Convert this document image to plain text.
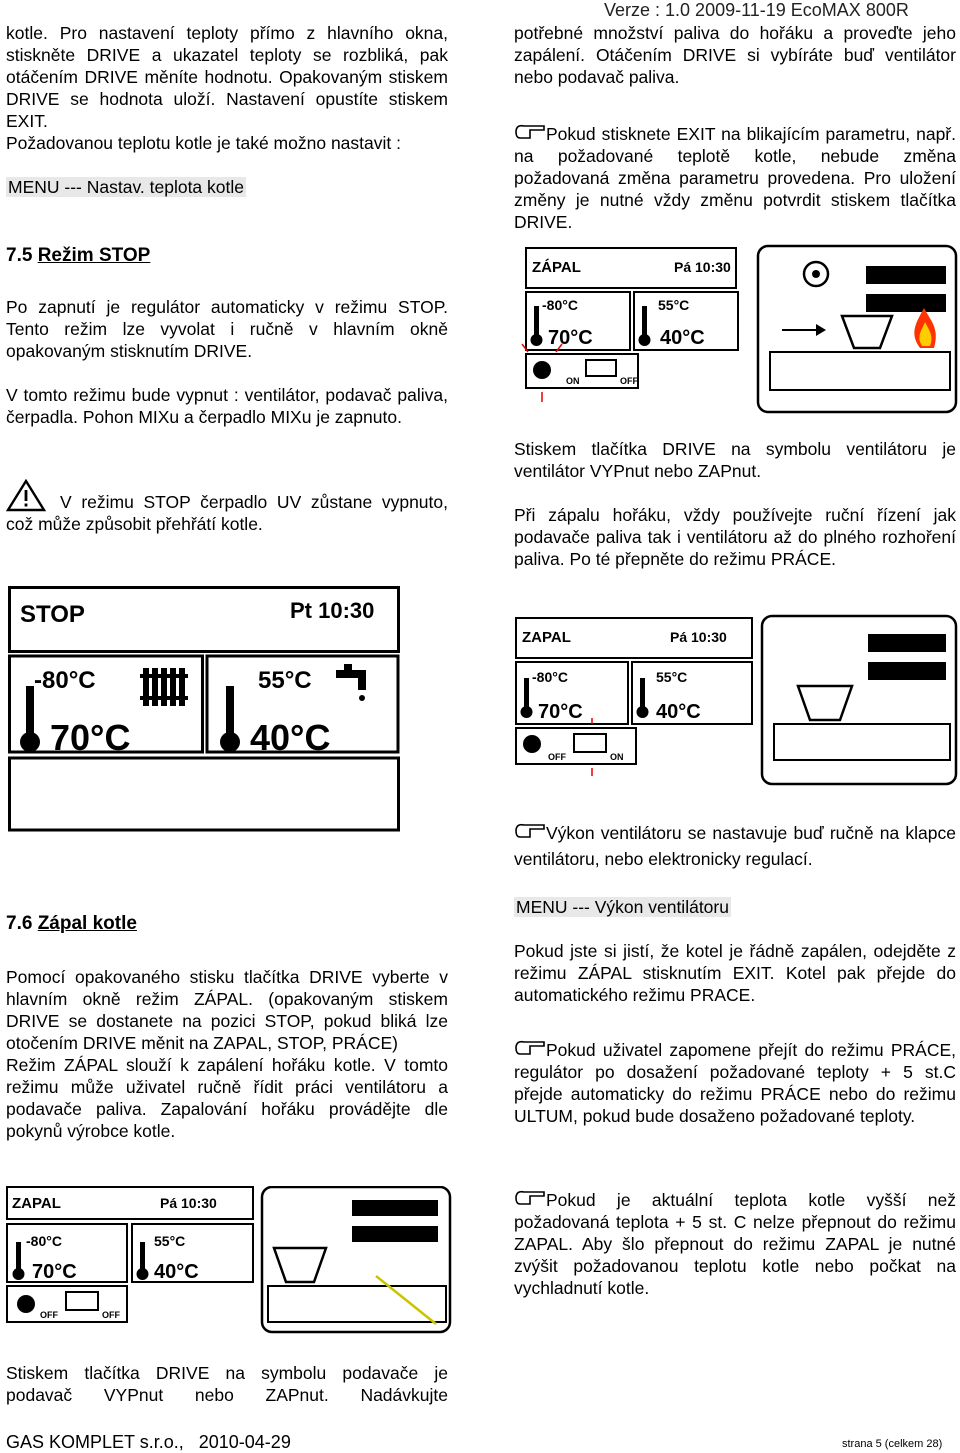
Verze : 1.0 2009-11-19 EcoMAX 800R

kotle. Pro nastavení teploty přímo z hlavního okna, stiskněte DRIVE a ukazatel teploty se rozbliká, pak otáčením DRIVE měníte hodnotu. Opakovaným stiskem DRIVE se hodnota uloží. Nastavení opustíte stiskem EXIT.

Požadovanou teplotu kotle je také možno nastavit :

MENU --- Nastav. teplota kotle
7.5 Režim STOP

Po zapnutí je regulátor automaticky v režimu STOP. Tento režim lze vyvolat i ručně v hlavním okně opakovaným stisknutím DRIVE.

V tomto režimu bude vypnut : ventilátor, podavač paliva, čerpadla. Pohon MIXu a čerpadlo MIXu je zapnuto.

V režimu STOP čerpadlo UV zůstane vypnuto, což může způsobit přehřátí kotle.

STOP	Pt 10:30
-80°C
70°C
55°C
40°C
7.6 Zápal kotle

Pomocí opakovaného stisku tlačítka DRIVE vyberte v hlavním okně režim ZÁPAL. (opakovaným stiskem DRIVE se dostanete na pozici STOP, pokud bliká lze otočením DRIVE měnit na ZAPAL, STOP, PRÁCE)

Režim ZÁPAL slouží k zapálení hořáku kotle. V tomto režimu může uživatel ručně řídit práci ventilátoru a podavače paliva. Zapalování hořáku provádějte dle pokynů výrobce kotle.

ZAPAL	Pá 10:30
-80°C
70°C
55°C
40°C
OFF	OFF

Stiskem tlačítka DRIVE na symbolu podavače je podavač VYPnut nebo ZAPnut. Nadávkujte

potřebné množství paliva do hořáku a proveďte jeho zapálení. Otáčením DRIVE si vybíráte buď ventilátor nebo podavač paliva.

Pokud stisknete EXIT na blikajícím parametru, např. na požadované teplotě kotle, nebude změna požadovaná změna parametru provedena. Pro uložení změny je nutné vždy změnu potvrdit stiskem tlačítka DRIVE.

ZÁPAL	Pá 10:30
-80°C
70°C
55°C
40°C
ON	OFF

Stiskem tlačítka DRIVE na symbolu ventilátoru je ventilátor VYPnut nebo ZAPnut.

Při zápalu hořáku, vždy používejte ruční řízení jak podavače paliva tak i ventilátoru až do plného rozhoření paliva. Po té přepněte do režimu PRÁCE.

ZAPAL	Pá 10:30
-80°C
70°C
55°C
40°C
OFF	ON

Výkon ventilátoru se nastavuje buď ručně na klapce ventilátoru, nebo elektronicky regulací.

MENU --- Výkon ventilátoru

Pokud jste si jistí, že kotel je řádně zapálen, odejděte z režimu ZÁPAL stisknutím EXIT. Kotel pak přejde do automatického režimu PRACE.

Pokud uživatel zapomene přejít do režimu PRÁCE, regulátor po dosažení požadované teploty + 5 st.C přejde automaticky do režimu PRÁCE nebo do režimu ULTUM, pokud bude dosaženo požadované teploty.

Pokud je aktuální teplota kotle vyšší než požadovaná teplota + 5 st. C nelze přepnout do režimu ZAPAL. Aby šlo přepnout do režimu ZAPAL je nutné zvýšit požadovanou teplotu kotle nebo počkat na vychladnutí kotle.

GAS KOMPLET s.r.o., 2010-04-29	strana 5 (celkem 28)
